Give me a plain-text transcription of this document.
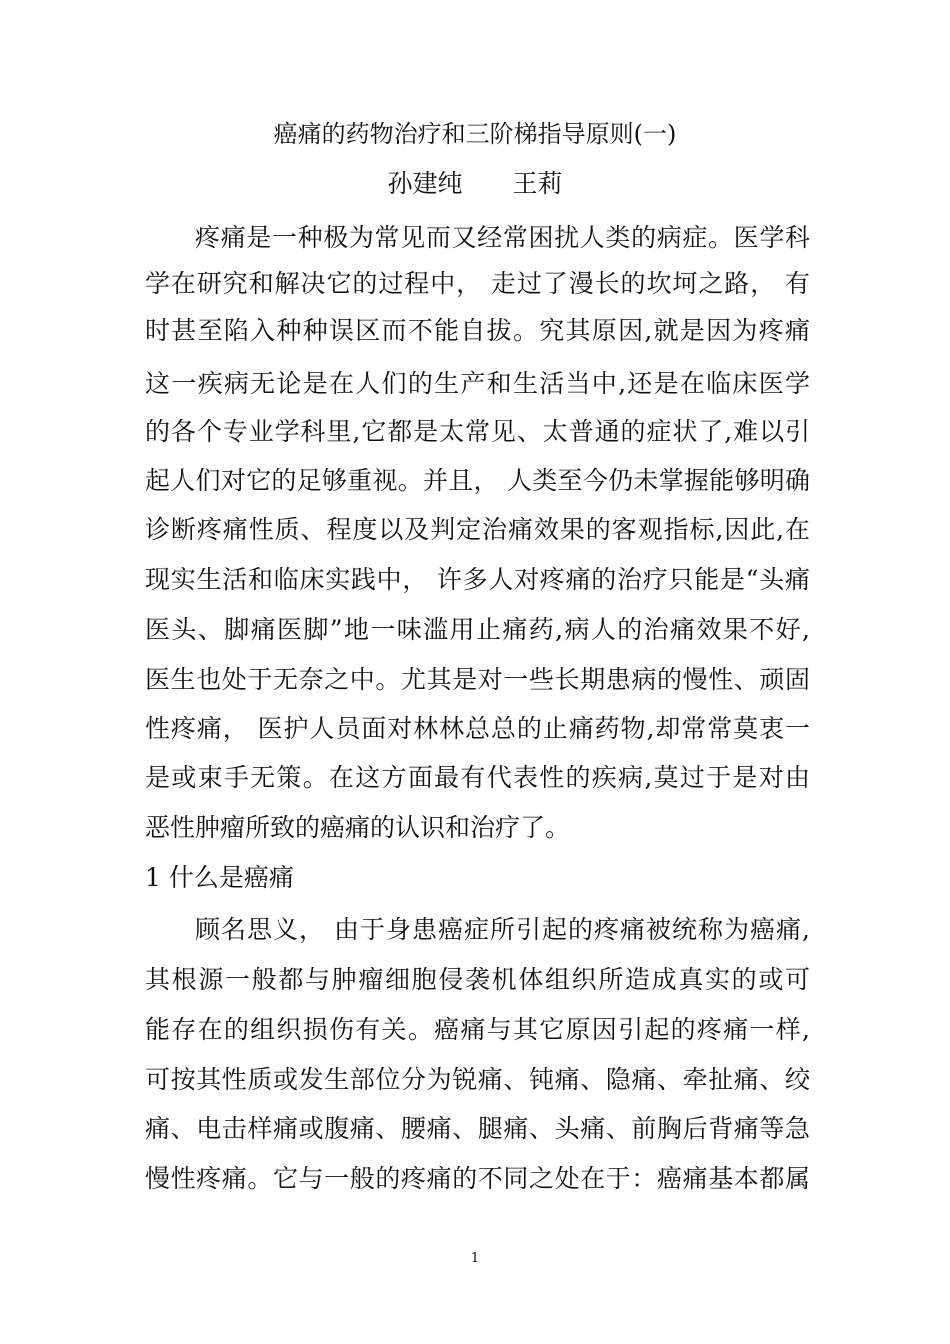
癌痛的药物治疗和三阶梯指导原则(一)
孙建纯 王莉
疼痛是一种极为常见而又经常困扰人类的病症。医学科
学在研究和解决它的过程中， 走过了漫长的坎坷之路， 有
时甚至陷入种种误区而不能自拔。究其原因,就是因为疼痛
这一疾病无论是在人们的生产和生活当中,还是在临床医学
的各个专业学科里,它都是太常见、太普通的症状了,难以引
起人们对它的足够重视。并且， 人类至今仍未掌握能够明确
诊断疼痛性质、程度以及判定治痛效果的客观指标,因此,在
现实生活和临床实践中， 许多人对疼痛的治疗只能是“头痛
医头、脚痛医脚”地一味滥用止痛药,病人的治痛效果不好,
医生也处于无奈之中。尤其是对一些长期患病的慢性、顽固
性疼痛， 医护人员面对林林总总的止痛药物,却常常莫衷一
是或束手无策。在这方面最有代表性的疾病,莫过于是对由
恶性肿瘤所致的癌痛的认识和治疗了。
1 什么是癌痛
顾名思义， 由于身患癌症所引起的疼痛被统称为癌痛,
其根源一般都与肿瘤细胞侵袭机体组织所造成真实的或可
能存在的组织损伤有关。癌痛与其它原因引起的疼痛一样,
可按其性质或发生部位分为锐痛、钝痛、隐痛、牵扯痛、绞
痛、电击样痛或腹痛、腰痛、腿痛、头痛、前胸后背痛等急
慢性疼痛。它与一般的疼痛的不同之处在于：癌痛基本都属
1
